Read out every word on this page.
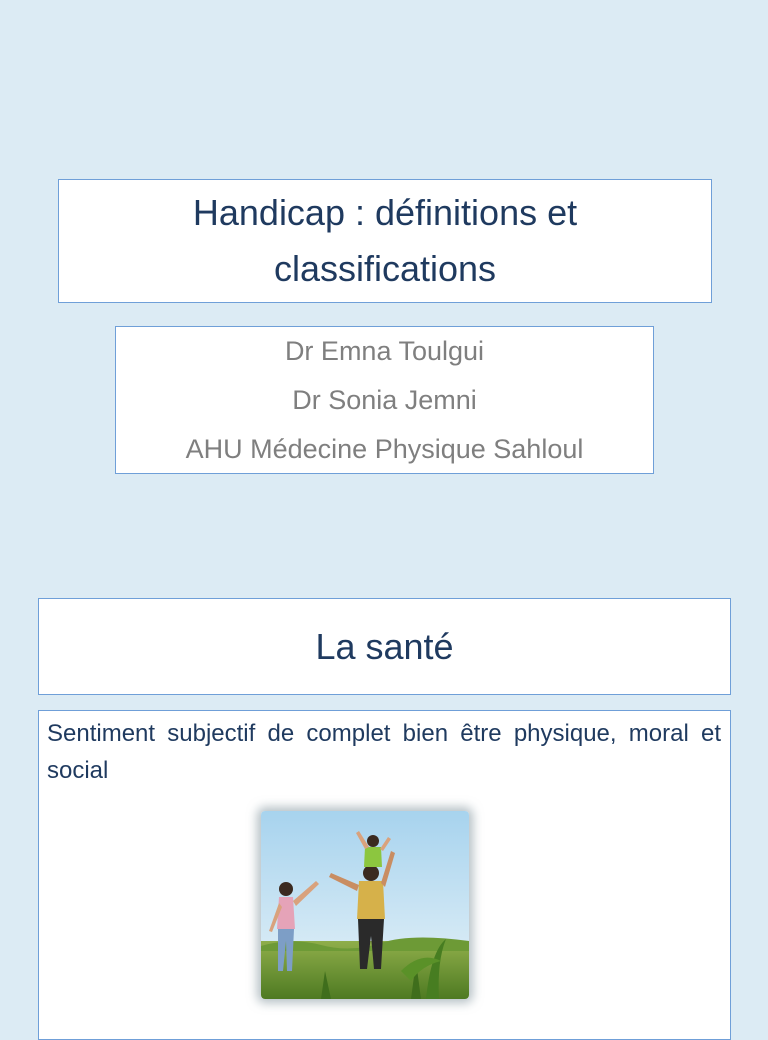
Handicap : définitions et classifications
Dr Emna Toulgui
Dr Sonia Jemni
AHU Médecine Physique Sahloul
La santé
Sentiment subjectif de complet bien être physique, moral et social
